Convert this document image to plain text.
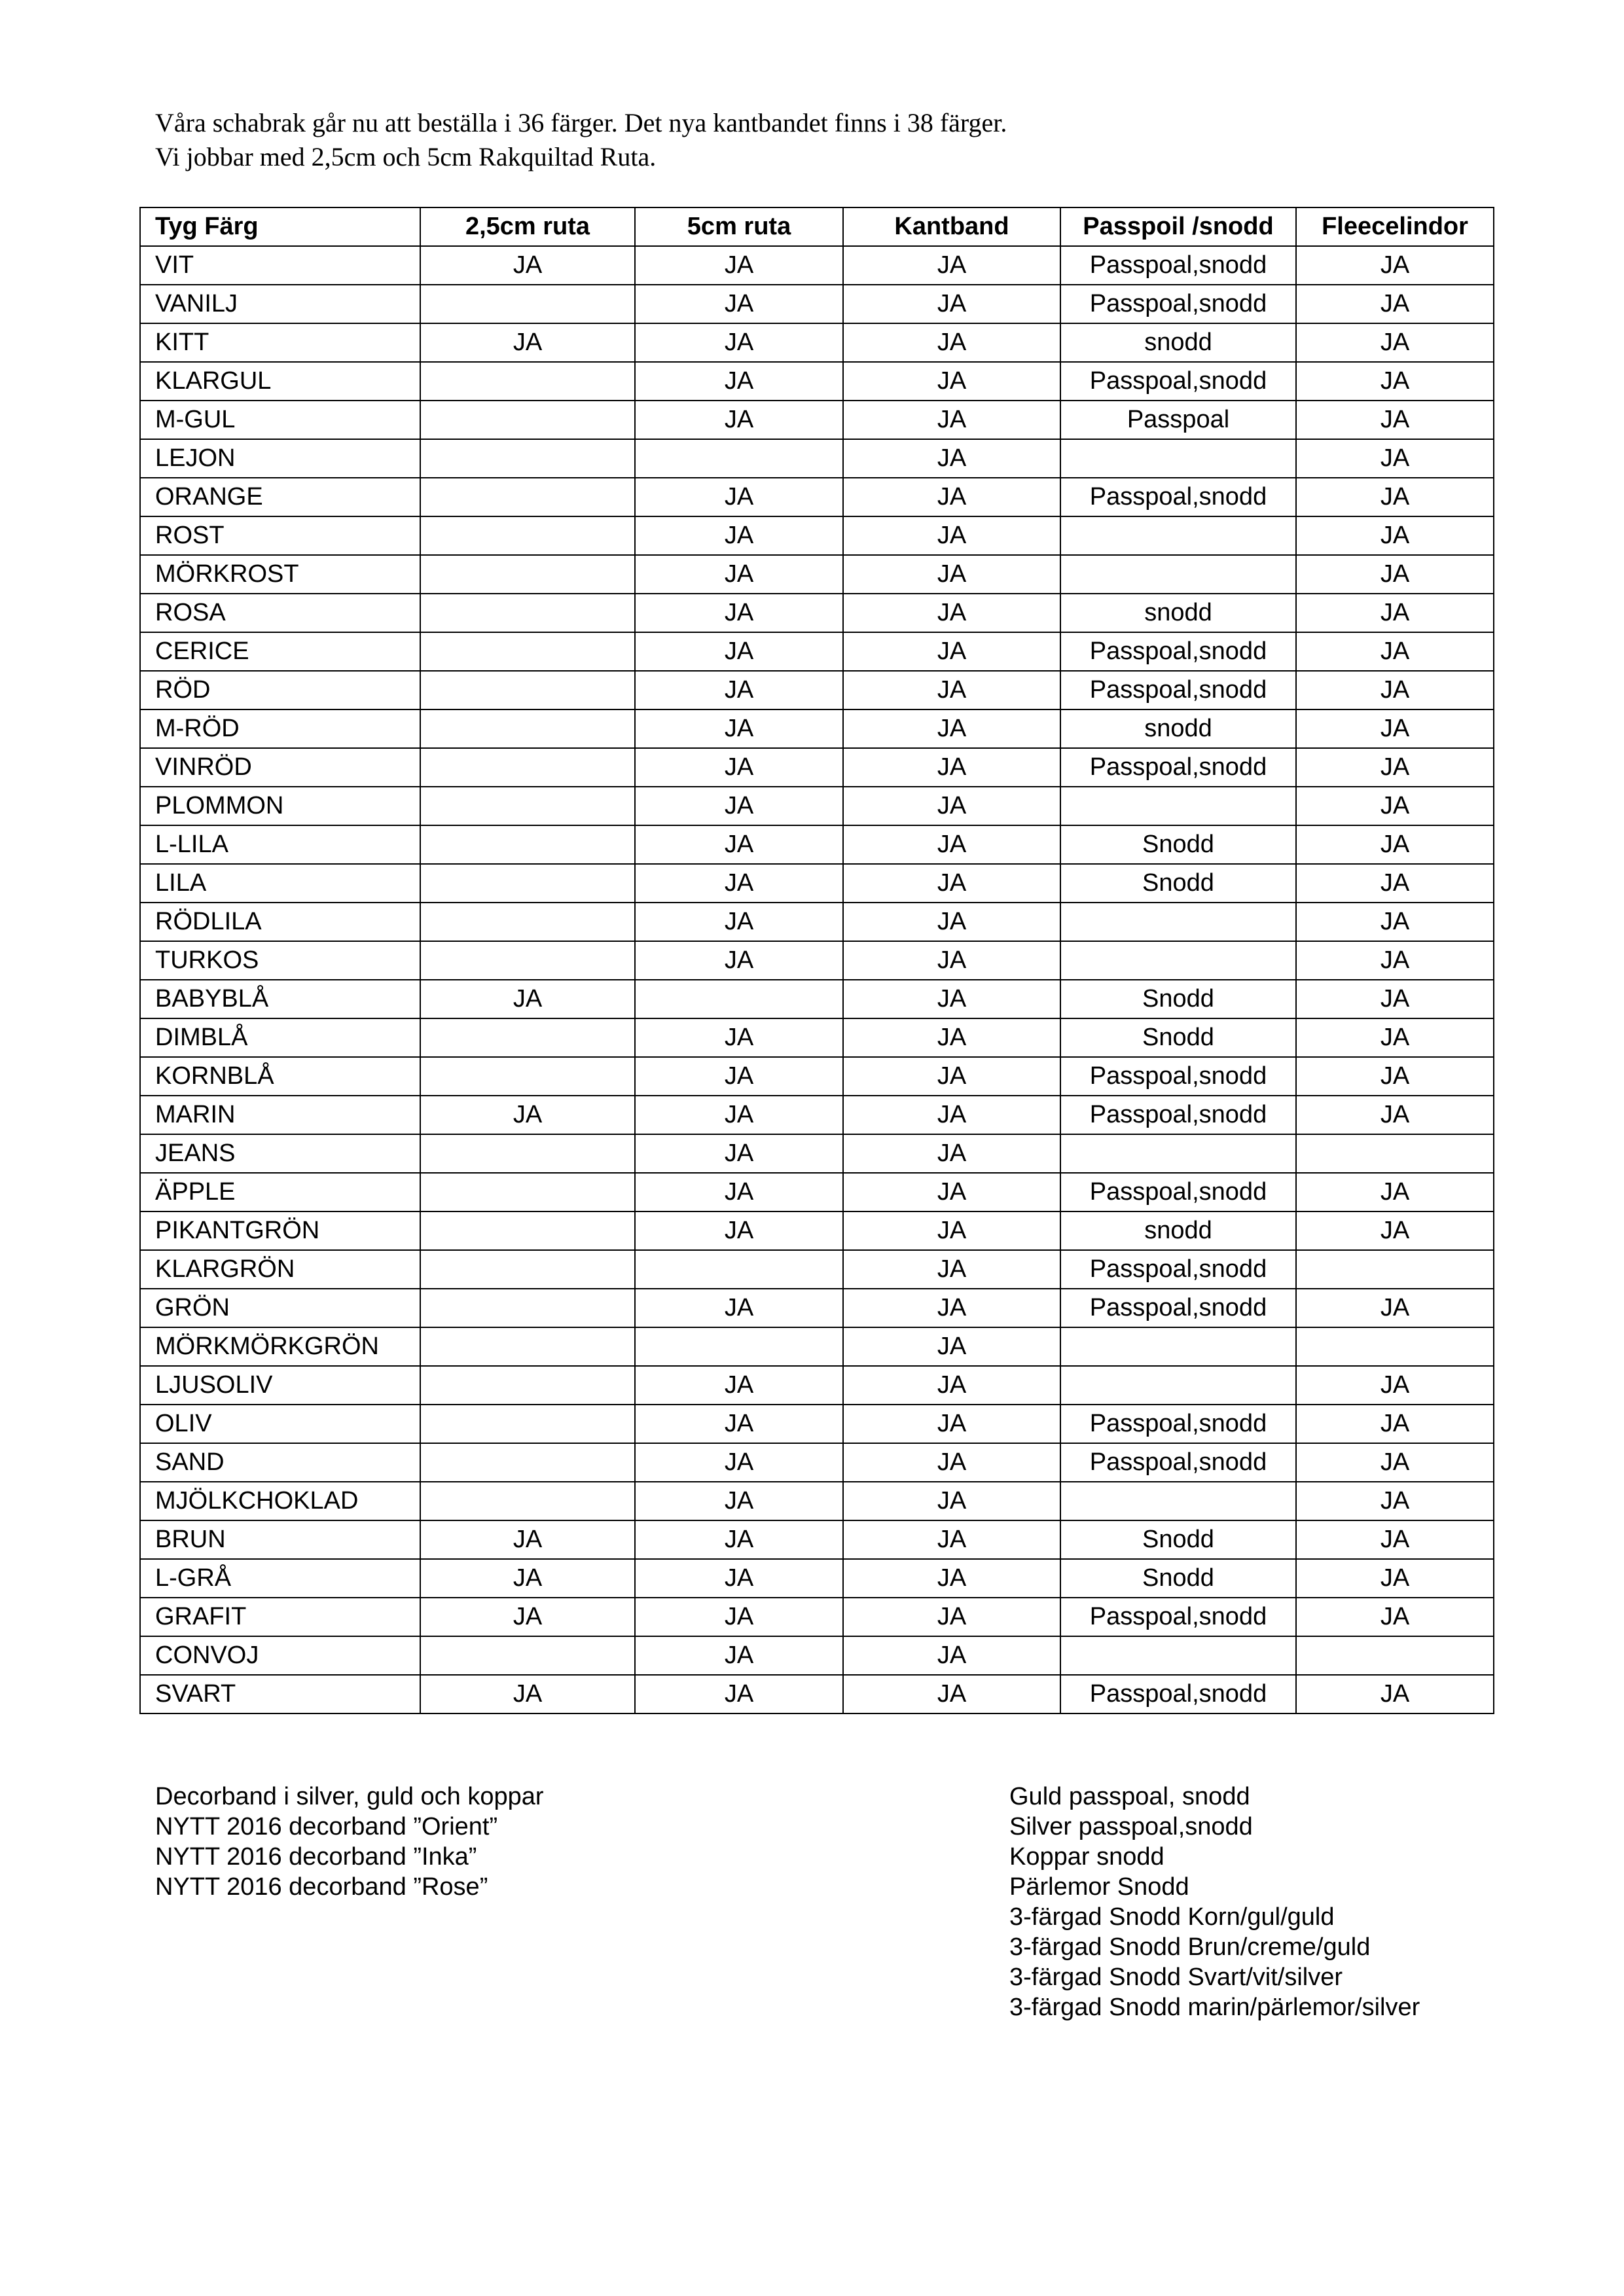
Våra schabrak går nu att beställa i 36 färger. Det nya kantbandet finns i 38 färger.
Vi jobbar med 2,5cm och 5cm Rakquiltad Ruta.
Tyg Färg	2,5cm ruta	5cm ruta	Kantband	Passpoil /snodd	Fleecelindor
VIT	JA	JA	JA	Passpoal,snodd	JA
VANILJ		JA	JA	Passpoal,snodd	JA
KITT	JA	JA	JA	snodd	JA
KLARGUL		JA	JA	Passpoal,snodd	JA
M-GUL		JA	JA	Passpoal	JA
LEJON			JA		JA
ORANGE		JA	JA	Passpoal,snodd	JA
ROST		JA	JA		JA
MÖRKROST		JA	JA		JA
ROSA		JA	JA	snodd	JA
CERICE		JA	JA	Passpoal,snodd	JA
RÖD		JA	JA	Passpoal,snodd	JA
M-RÖD		JA	JA	snodd	JA
VINRÖD		JA	JA	Passpoal,snodd	JA
PLOMMON		JA	JA		JA
L-LILA		JA	JA	Snodd	JA
LILA		JA	JA	Snodd	JA
RÖDLILA		JA	JA		JA
TURKOS		JA	JA		JA
BABYBLÅ	JA		JA	Snodd	JA
DIMBLÅ		JA	JA	Snodd	JA
KORNBLÅ		JA	JA	Passpoal,snodd	JA
MARIN	JA	JA	JA	Passpoal,snodd	JA
JEANS		JA	JA		
ÄPPLE		JA	JA	Passpoal,snodd	JA
PIKANTGRÖN		JA	JA	snodd	JA
KLARGRÖN			JA	Passpoal,snodd	
GRÖN		JA	JA	Passpoal,snodd	JA
MÖRKMÖRKGRÖN			JA		
LJUSOLIV		JA	JA		JA
OLIV		JA	JA	Passpoal,snodd	JA
SAND		JA	JA	Passpoal,snodd	JA
MJÖLKCHOKLAD		JA	JA		JA
BRUN	JA	JA	JA	Snodd	JA
L-GRÅ	JA	JA	JA	Snodd	JA
GRAFIT	JA	JA	JA	Passpoal,snodd	JA
CONVOJ		JA	JA		
SVART	JA	JA	JA	Passpoal,snodd	JA
Decorband i silver, guld och koppar
NYTT 2016 decorband ”Orient”
NYTT 2016 decorband ”Inka”
NYTT 2016 decorband ”Rose”
Guld passpoal, snodd
Silver passpoal,snodd
Koppar snodd
Pärlemor Snodd
3-färgad Snodd Korn/gul/guld
3-färgad Snodd Brun/creme/guld
3-färgad Snodd Svart/vit/silver
3-färgad Snodd marin/pärlemor/silver
